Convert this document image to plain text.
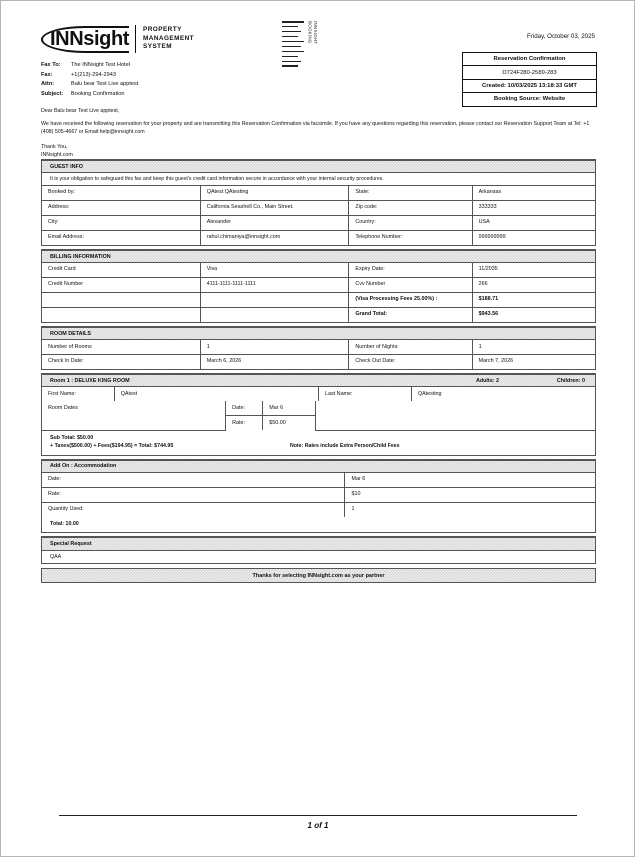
INNsight PROPERTY
MANAGEMENT
SYSTEM
INNSIGHT BOOKING
Fax To:	The INNsight Test Hotel
Fax:	+1(213)-294-2943
Attn:	Balu bear Test Live apptest
Subject:	Booking Confirmation
Friday, October 03, 2025
Reservation Confirmation
D724F280-2589-283
Created: 10/03/2025 13:18:33 GMT
Booking Source: Website

Dear Balu bear Test Live apptest,

We have received the following reservation for your property and are transmitting this Reservation Confirmation via facsimile. If you have any questions regarding this reservation, please contact our Reservation Support Team at Tel: +1 (408) 505-4667 or Email:help@innsight.com

Thank You,
INNsight.com
GUEST INFO
It is your obligation to safeguard this fax and keep this guest's credit card information secure in accordance with your internal security procedures.
Booked by:	QAtest QAtesting	State:	Arkansas
Address:	California Seashell Co., Main Street.	Zip code:	333333
City:	Alexander	Country:	USA
Email Address:	rahul.chimaniya@innsight.com	Telephone Number:	999999999
BILLING INFORMATION
Credit Card	Visa	Expiry Date:	11/2035
Credit Number	4111-1111-1111-1111	Cvv Number	266
		(Visa Processing Fees 25.00%) :	$188.71
		Grand Total:	$943.56
ROOM DETAILS
Number of Rooms	1	Number of Nights:	1
Check In Date:	March 6, 2026	Check Out Date:	March 7, 2026
Room 1 : DELUXE KING ROOM	Adults: 2	Children: 0
First Name:	QAtest	Last Name:	QAtesting
Room Dates	Date:	Mar 6	
	Rate:	$50.00	
Sub Total: $50.00
+ Taxes($500.00) + Fees($194.95) = Total: $744.95	Note: Rates include Extra Person/Child Fees
Add On : Accommodation
Date:	Mar 6
Rate:	$10
Quantity Used:	1
Total: 10.00
Special Request
QAA
Thanks for selecting INNsight.com as your partner
1 of 1
